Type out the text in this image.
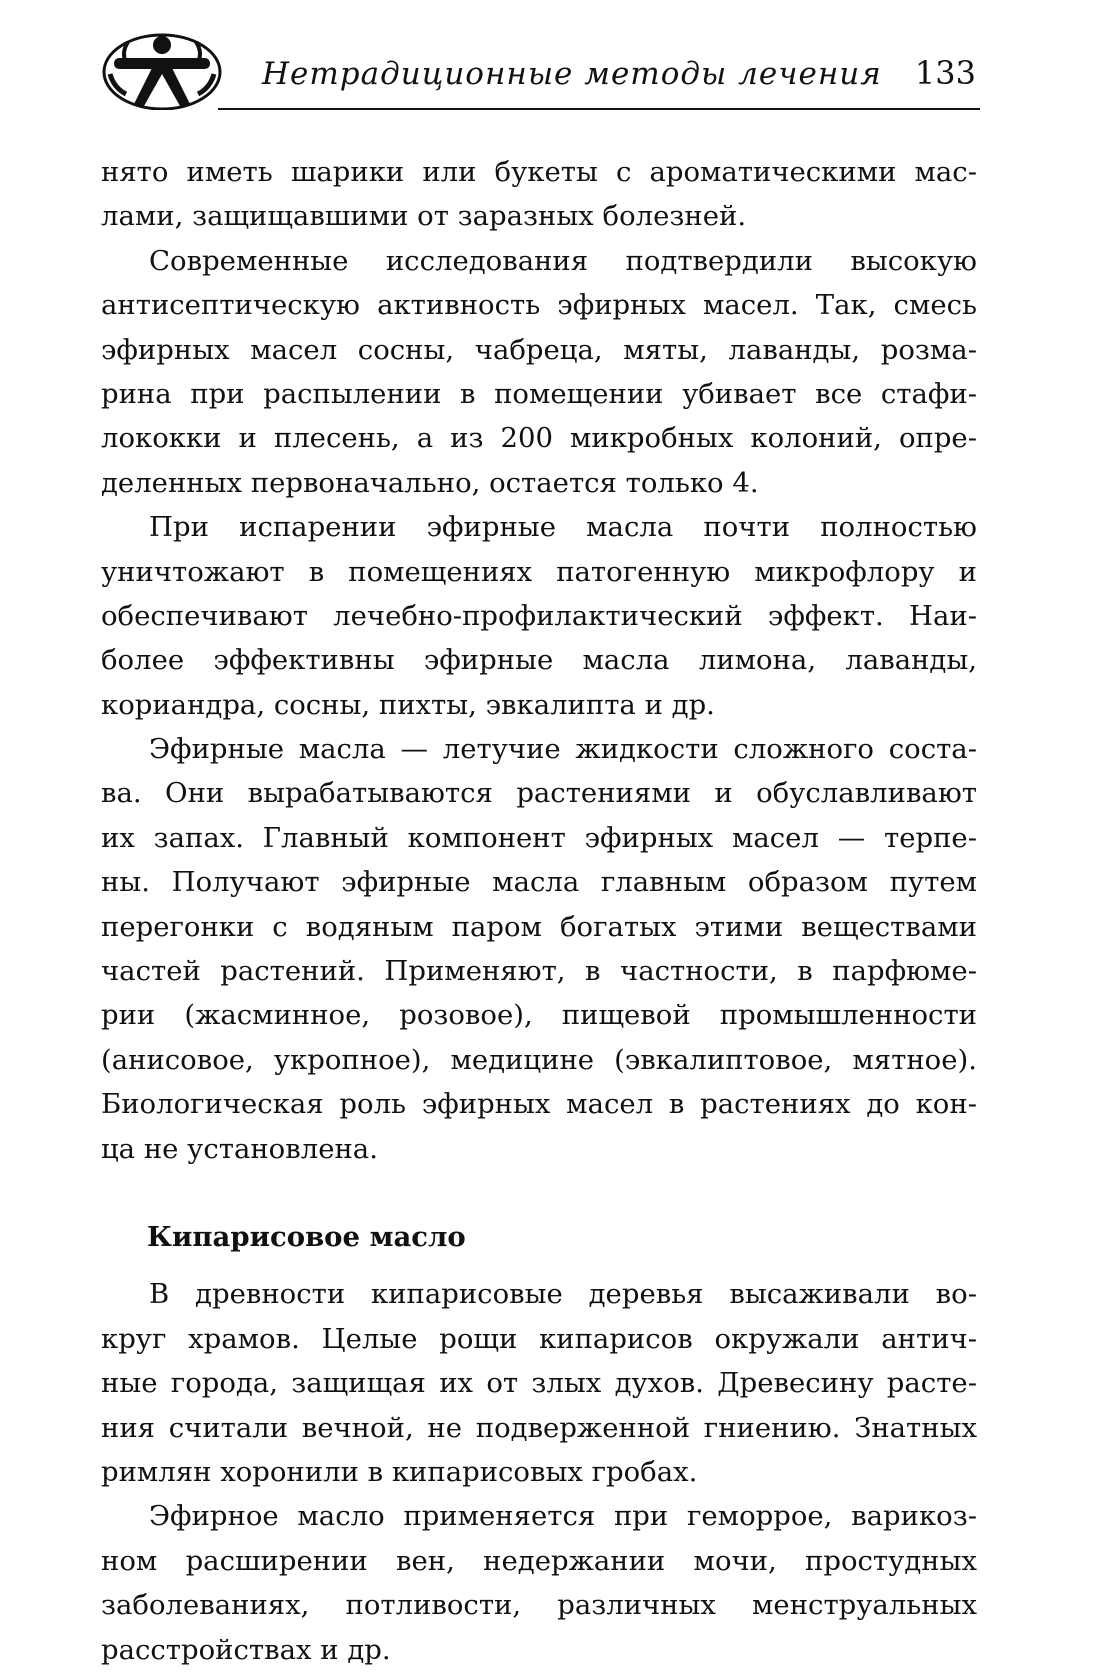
Нетрадиционные методы лечения 133
нято иметь шарики или букеты с ароматическими мас-
лами, защищавшими от заразных болезней.
Современные исследования подтвердили высокую
антисептическую активность эфирных масел. Так, смесь
эфирных масел сосны, чабреца, мяты, лаванды, розма-
рина при распылении в помещении убивает все стафи-
лококки и плесень, а из 200 микробных колоний, опре-
деленных первоначально, остается только 4.
При испарении эфирные масла почти полностью
уничтожают в помещениях патогенную микрофлору и
обеспечивают лечебно-профилактический эффект. Наи-
более эффективны эфирные масла лимона, лаванды,
кориандра, сосны, пихты, эвкалипта и др.
Эфирные масла — летучие жидкости сложного соста-
ва. Они вырабатываются растениями и обуславливают
их запах. Главный компонент эфирных масел — терпе-
ны. Получают эфирные масла главным образом путем
перегонки с водяным паром богатых этими веществами
частей растений. Применяют, в частности, в парфюме-
рии (жасминное, розовое), пищевой промышленности
(анисовое, укропное), медицине (эвкалиптовое, мятное).
Биологическая роль эфирных масел в растениях до кон-
ца не установлена.
Кипарисовое масло
В древности кипарисовые деревья высаживали во-
круг храмов. Целые рощи кипарисов окружали антич-
ные города, защищая их от злых духов. Древесину расте-
ния считали вечной, не подверженной гниению. Знатных
римлян хоронили в кипарисовых гробах.
Эфирное масло применяется при геморрое, варикоз-
ном расширении вен, недержании мочи, простудных
заболеваниях, потливости, различных менструальных
расстройствах и др.
